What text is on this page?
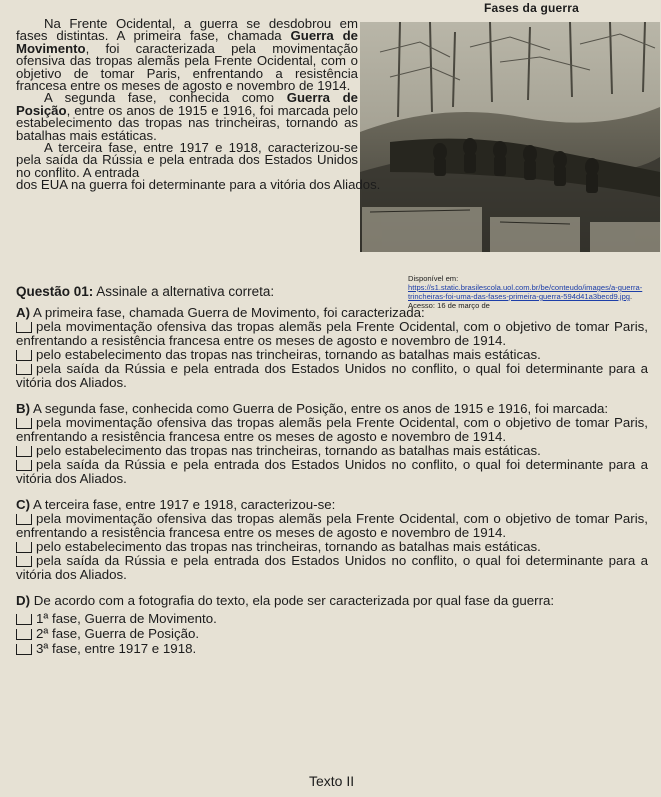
Fases da guerra

Na Frente Ocidental, a guerra se desdobrou em fases distintas. A primeira fase, chamada Guerra de Movimento, foi caracterizada pela movimentação ofensiva das tropas alemãs pela Frente Ocidental, com o objetivo de tomar Paris, enfrentando a resistência francesa entre os meses de agosto e novembro de 1914.

A segunda fase, conhecida como Guerra de Posição, entre os anos de 1915 e 1916, foi marcada pelo estabelecimento das tropas nas trincheiras, tornando as batalhas mais estáticas.

A terceira fase, entre 1917 e 1918, caracterizou-se pela saída da Rússia e pela entrada dos Estados Unidos no conflito. A entrada

dos EUA na guerra foi determinante para a vitória dos Aliados.

Disponível em:
https://s1.static.brasilescola.uol.com.br/be/conteudo/images/a-guerra-trincheiras-foi-uma-das-fases-primeira-guerra-594d41a3becd9.jpg. Acesso: 16 de março de
Questão 01: Assinale a alternativa correta:

A) A primeira fase, chamada Guerra de Movimento, foi caracterizada:

pela movimentação ofensiva das tropas alemãs pela Frente Ocidental, com o objetivo de tomar Paris, enfrentando a resistência francesa entre os meses de agosto e novembro de 1914.

pelo estabelecimento das tropas nas trincheiras, tornando as batalhas mais estáticas.

pela saída da Rússia e pela entrada dos Estados Unidos no conflito, o qual foi determinante para a vitória dos Aliados.

B) A segunda fase, conhecida como Guerra de Posição, entre os anos de 1915 e 1916, foi marcada:

pela movimentação ofensiva das tropas alemãs pela Frente Ocidental, com o objetivo de tomar Paris, enfrentando a resistência francesa entre os meses de agosto e novembro de 1914.

pelo estabelecimento das tropas nas trincheiras, tornando as batalhas mais estáticas.

pela saída da Rússia e pela entrada dos Estados Unidos no conflito, o qual foi determinante para a vitória dos Aliados.

C) A terceira fase, entre 1917 e 1918, caracterizou-se:

pela movimentação ofensiva das tropas alemãs pela Frente Ocidental, com o objetivo de tomar Paris, enfrentando a resistência francesa entre os meses de agosto e novembro de 1914.

pelo estabelecimento das tropas nas trincheiras, tornando as batalhas mais estáticas.

pela saída da Rússia e pela entrada dos Estados Unidos no conflito, o qual foi determinante para a vitória dos Aliados.

D) De acordo com a fotografia do texto, ela pode ser caracterizada por qual fase da guerra:

1ª fase, Guerra de Movimento.

2ª fase, Guerra de Posição.

3ª fase, entre 1917 e 1918.

Texto II
